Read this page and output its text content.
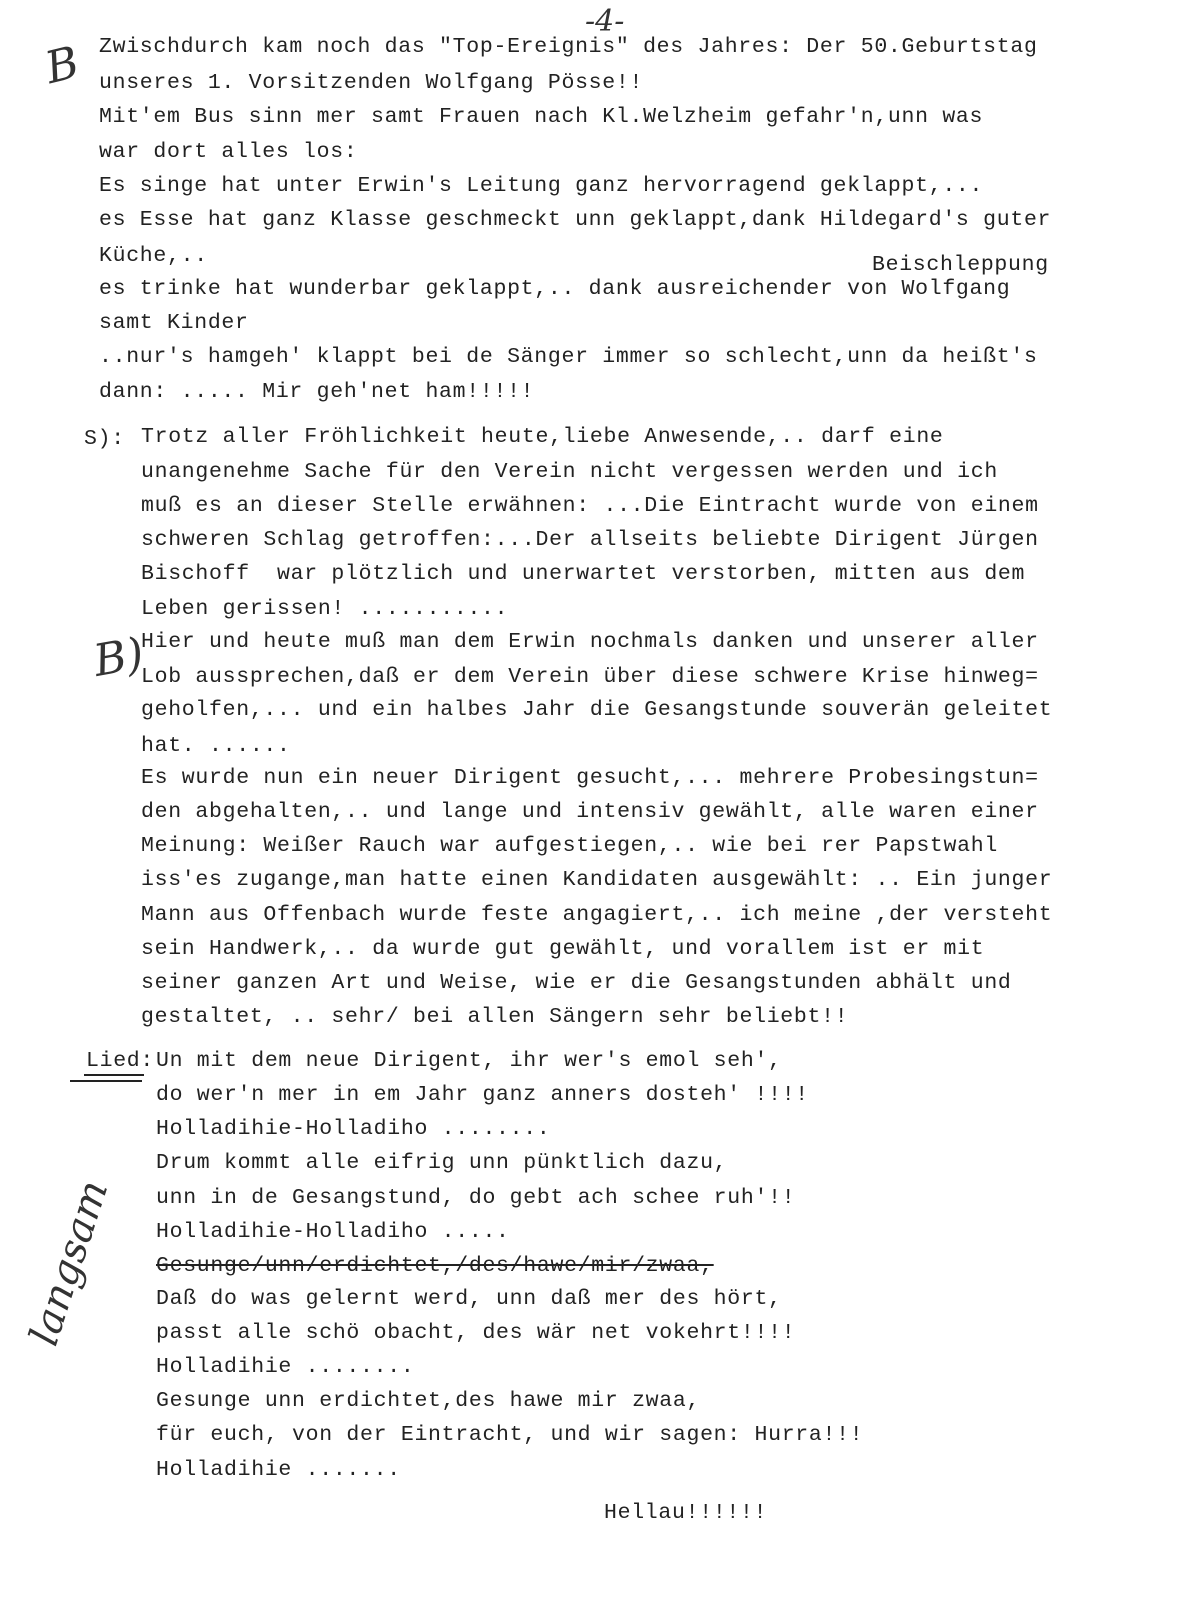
-4-
B
S):
B)
Lied:
langsam
Zwischdurch kam noch das "Top-Ereignis" des Jahres: Der 50.Geburtstag
unseres 1. Vorsitzenden Wolfgang Pösse!!
Mit'em Bus sinn mer samt Frauen nach Kl.Welzheim gefahr'n,unn was
war dort alles los:
Es singe hat unter Erwin's Leitung ganz hervorragend geklappt,...
es Esse hat ganz Klasse geschmeckt unn geklappt,dank Hildegard's guter
Küche,..	Beischleppung
es trinke hat wunderbar geklappt,.. dank ausreichender von Wolfgang
samt Kinder
..nur's hamgeh' klappt bei de Sänger immer so schlecht,unn da heißt's
dann: ..... Mir geh'net ham!!!!!
Trotz aller Fröhlichkeit heute,liebe Anwesende,.. darf eine
unangenehme Sache für den Verein nicht vergessen werden und ich
muß es an dieser Stelle erwähnen: ...Die Eintracht wurde von einem
schweren Schlag getroffen:...Der allseits beliebte Dirigent Jürgen
Bischoff  war plötzlich und unerwartet verstorben, mitten aus dem
Leben gerissen! ...........
Hier und heute muß man dem Erwin nochmals danken und unserer aller
Lob aussprechen,daß er dem Verein über diese schwere Krise hinweg=
geholfen,... und ein halbes Jahr die Gesangstunde souverän geleitet
hat. ......
Es wurde nun ein neuer Dirigent gesucht,... mehrere Probesingstun=
den abgehalten,.. und lange und intensiv gewählt, alle waren einer
Meinung: Weißer Rauch war aufgestiegen,.. wie bei rer Papstwahl
iss'es zugange,man hatte einen Kandidaten ausgewählt: .. Ein junger
Mann aus Offenbach wurde feste angagiert,.. ich meine ,der versteht
sein Handwerk,.. da wurde gut gewählt, und vorallem ist er mit
seiner ganzen Art und Weise, wie er die Gesangstunden abhält und
gestaltet, .. sehr/ bei allen Sängern sehr beliebt!!
Un mit dem neue Dirigent, ihr wer's emol seh',
do wer'n mer in em Jahr ganz anners dosteh' !!!!
Holladihie-Holladiho ........
Drum kommt alle eifrig unn pünktlich dazu,
unn in de Gesangstund, do gebt ach schee ruh'!!
Holladihie-Holladiho .....
Gesunge/unn/erdichtet,/des/hawe/mir/zwaa,
Daß do was gelernt werd, unn daß mer des hört,
passt alle schö obacht, des wär net vokehrt!!!!
Holladihie ........
Gesunge unn erdichtet,des hawe mir zwaa,
für euch, von der Eintracht, und wir sagen: Hurra!!!
Holladihie .......
Hellau!!!!!!
